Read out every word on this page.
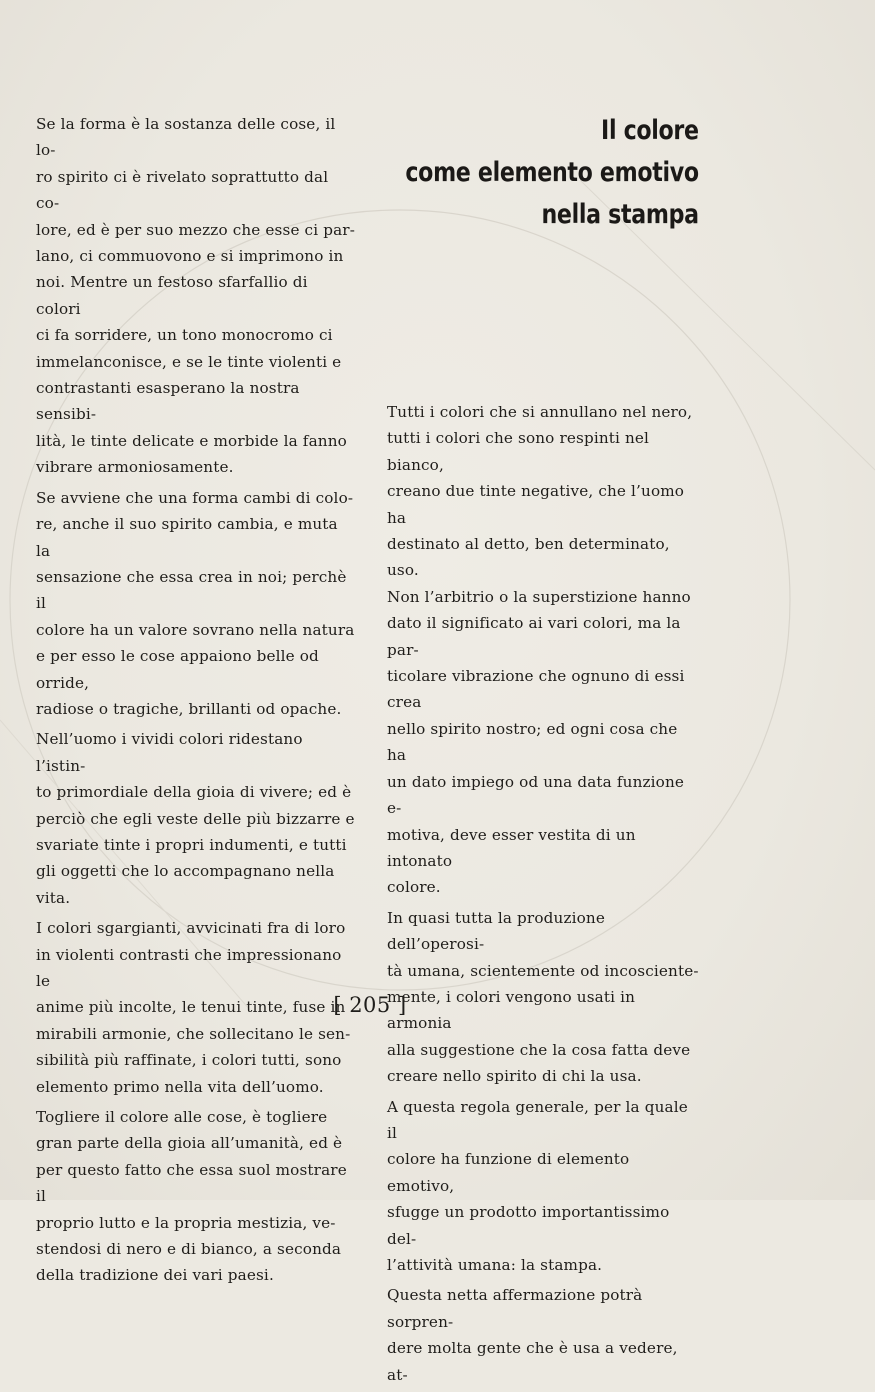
Il colore
come elemento emotivo
nella stampa

Se la forma è la sostanza delle cose, il lo-
ro spirito ci è rivelato soprattutto dal co-
lore, ed è per suo mezzo che esse ci par-
lano, ci commuovono e si imprimono in
noi. Mentre un festoso sfarfallio di colori
ci fa sorridere, un tono monocromo ci
immelanconisce, e se le tinte violenti e
contrastanti esasperano la nostra sensibi-
lità, le tinte delicate e morbide la fanno
vibrare armoniosamente.

Se avviene che una forma cambi di colo-
re, anche il suo spirito cambia, e muta la
sensazione che essa crea in noi; perchè il
colore ha un valore sovrano nella natura
e per esso le cose appaiono belle od orride,
radiose o tragiche, brillanti od opache.

Nell’uomo i vividi colori ridestano l’istin-
to primordiale della gioia di vivere; ed è
perciò che egli veste delle più bizzarre e
svariate tinte i propri indumenti, e tutti
gli oggetti che lo accompagnano nella vita.

I colori sgargianti, avvicinati fra di loro
in violenti contrasti che impressionano le
anime più incolte, le tenui tinte, fuse in
mirabili armonie, che sollecitano le sen-
sibilità più raffinate, i colori tutti, sono
elemento primo nella vita dell’uomo.

Togliere il colore alle cose, è togliere
gran parte della gioia all’umanità, ed è
per questo fatto che essa suol mostrare il
proprio lutto e la propria mestizia, ve-
stendosi di nero e di bianco, a seconda
della tradizione dei vari paesi.

Tutti i colori che si annullano nel nero,
tutti i colori che sono respinti nel bianco,
creano due tinte negative, che l’uomo ha
destinato al detto, ben determinato, uso.
Non l’arbitrio o la superstizione hanno
dato il significato ai vari colori, ma la par-
ticolare vibrazione che ognuno di essi crea
nello spirito nostro; ed ogni cosa che ha
un dato impiego od una data funzione e-
motiva, deve esser vestita di un intonato
colore.

In quasi tutta la produzione dell’operosi-
tà umana, scientemente od incosciente-
mente, i colori vengono usati in armonia
alla suggestione che la cosa fatta deve
creare nello spirito di chi la usa.

A questa regola generale, per la quale il
colore ha funzione di elemento emotivo,
sfugge un prodotto importantissimo del-
l’attività umana: la stampa.

Questa netta affermazione potrà sorpren-
dere molta gente che è usa a vedere, at-

[ 205 ]
